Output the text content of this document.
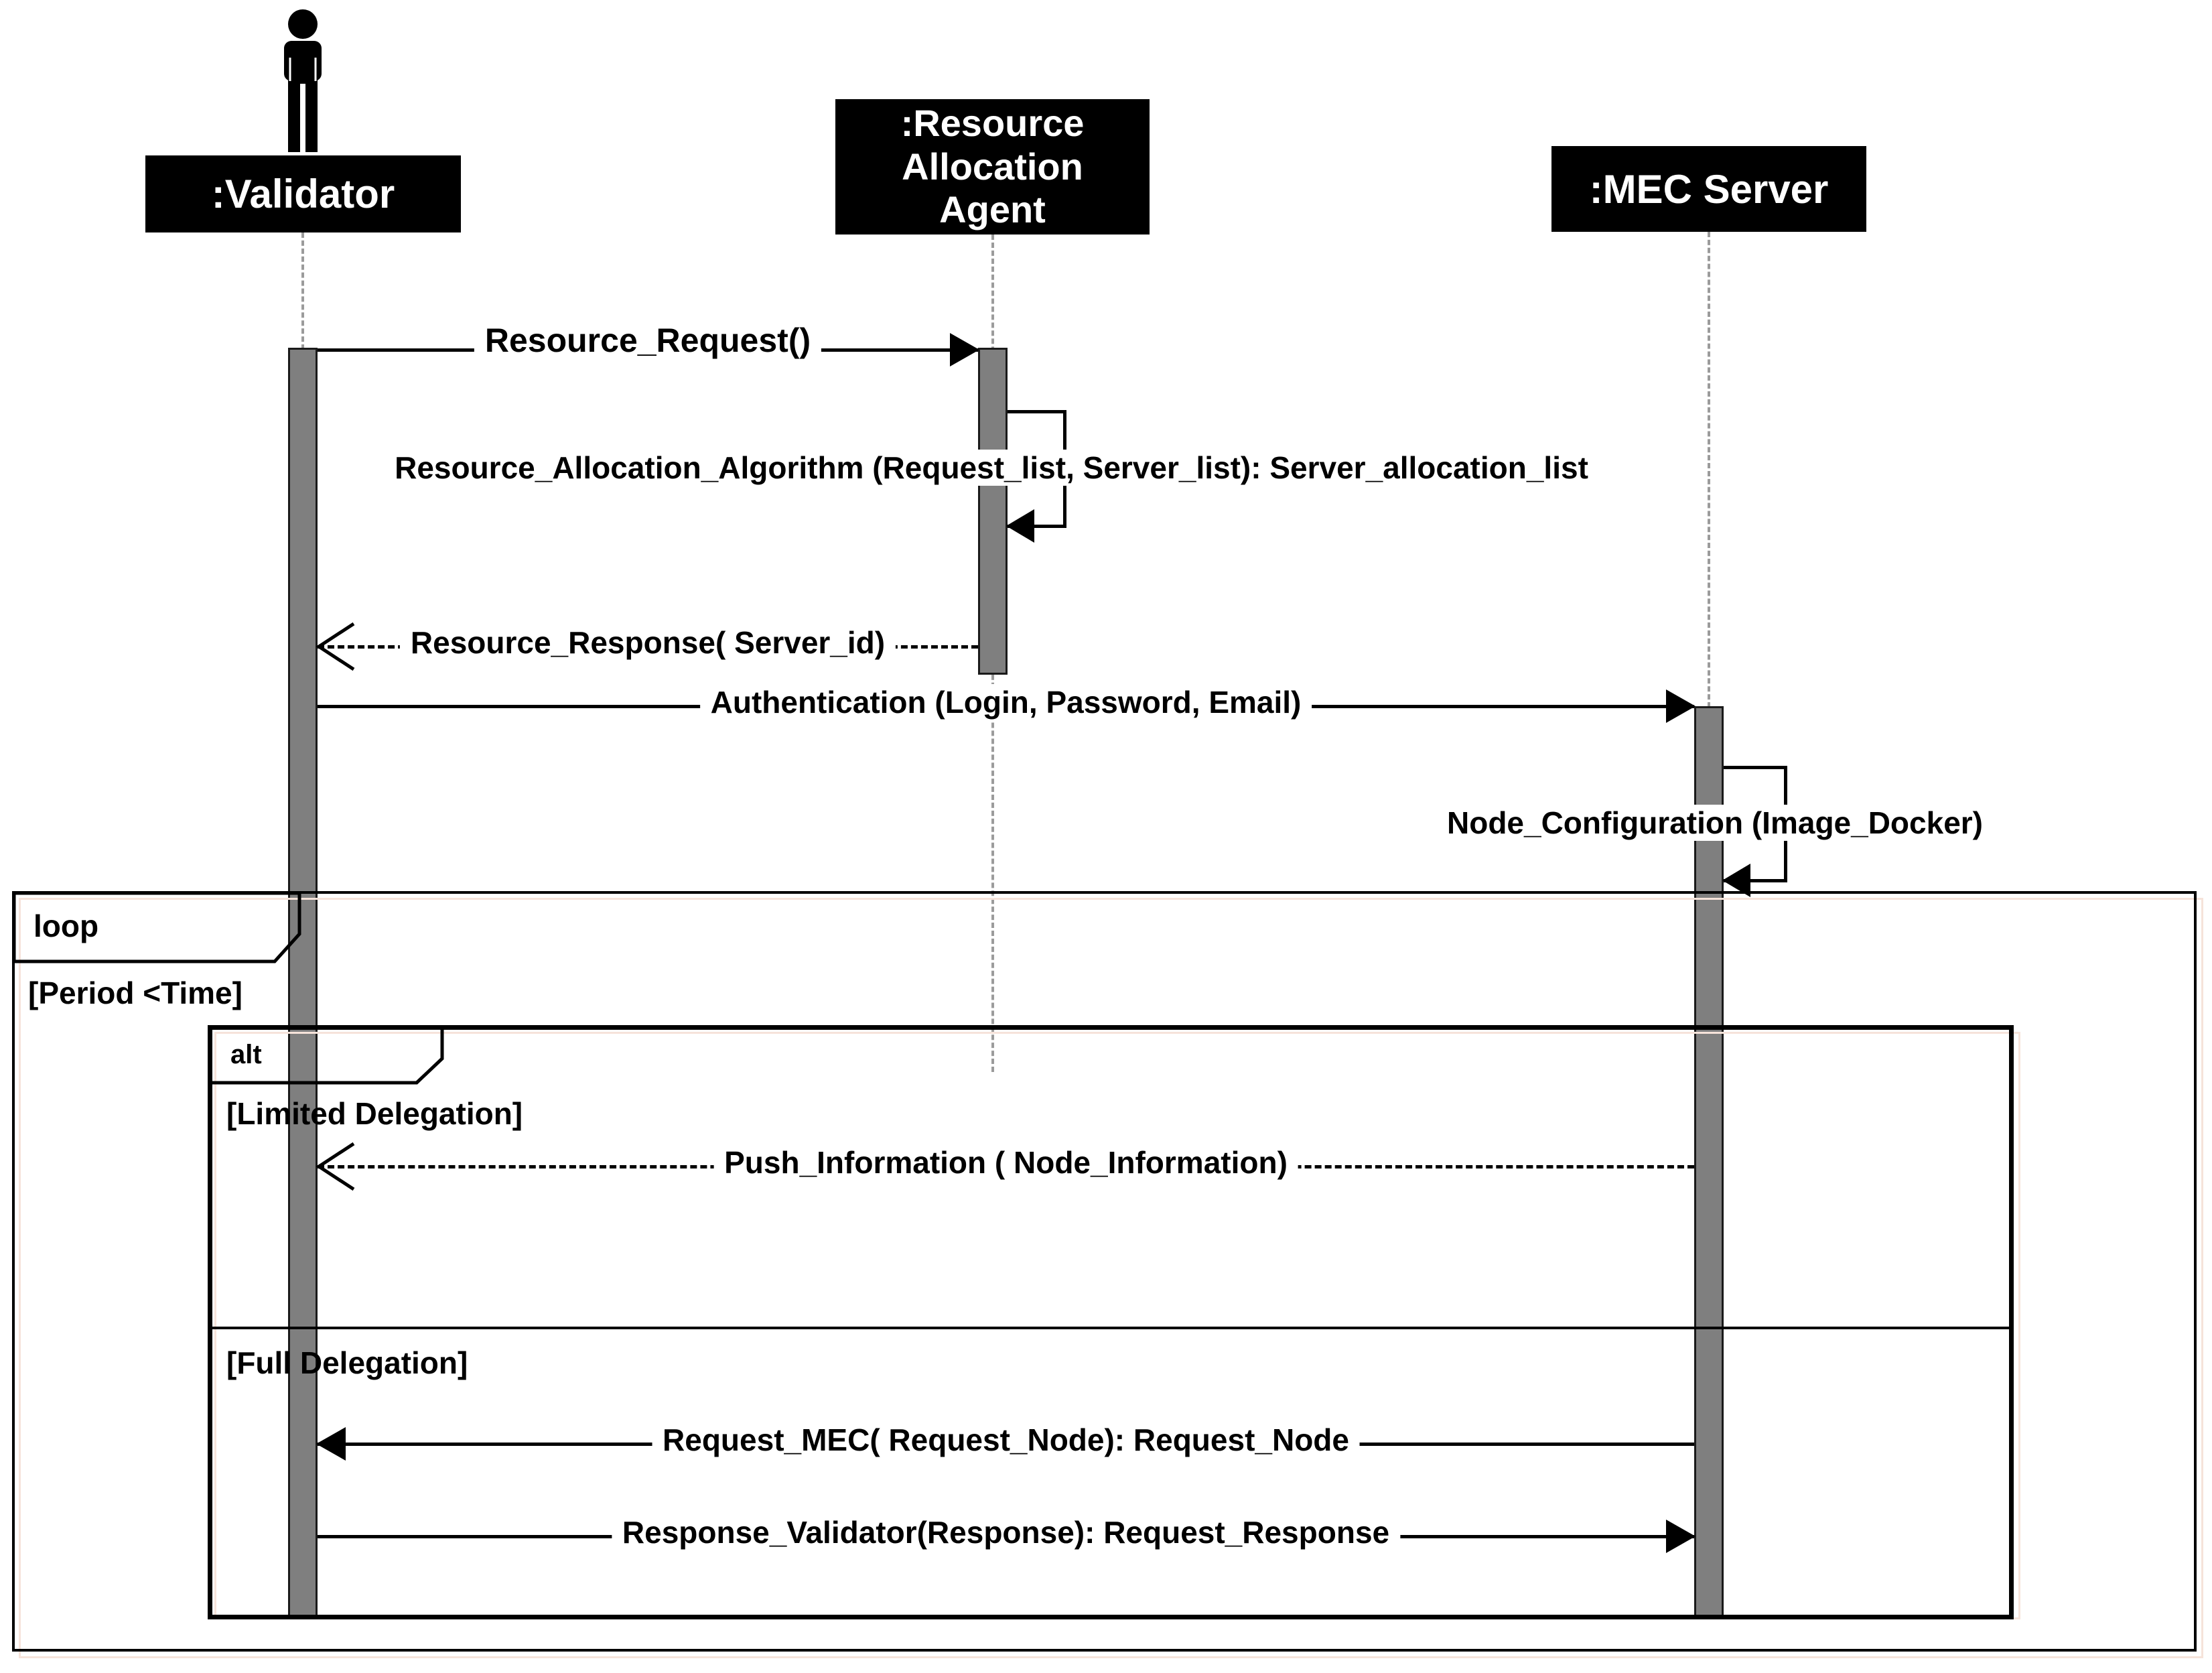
:Validator
:Resource Allocation Agent	:MEC Server
loop
[Period <Time]
alt
[Limited Delegation]
[Full Delegation]
Resource_Request()
Resource_Allocation_Algorithm (Request_list, Server_list): Server_allocation_list
Resource_Response( Server_id)
Authentication (Login, Password, Email)
Node_Configuration (Image_Docker)
Push_Information ( Node_Information)
Request_MEC( Request_Node): Request_Node
Response_Validator(Response): Request_Response
